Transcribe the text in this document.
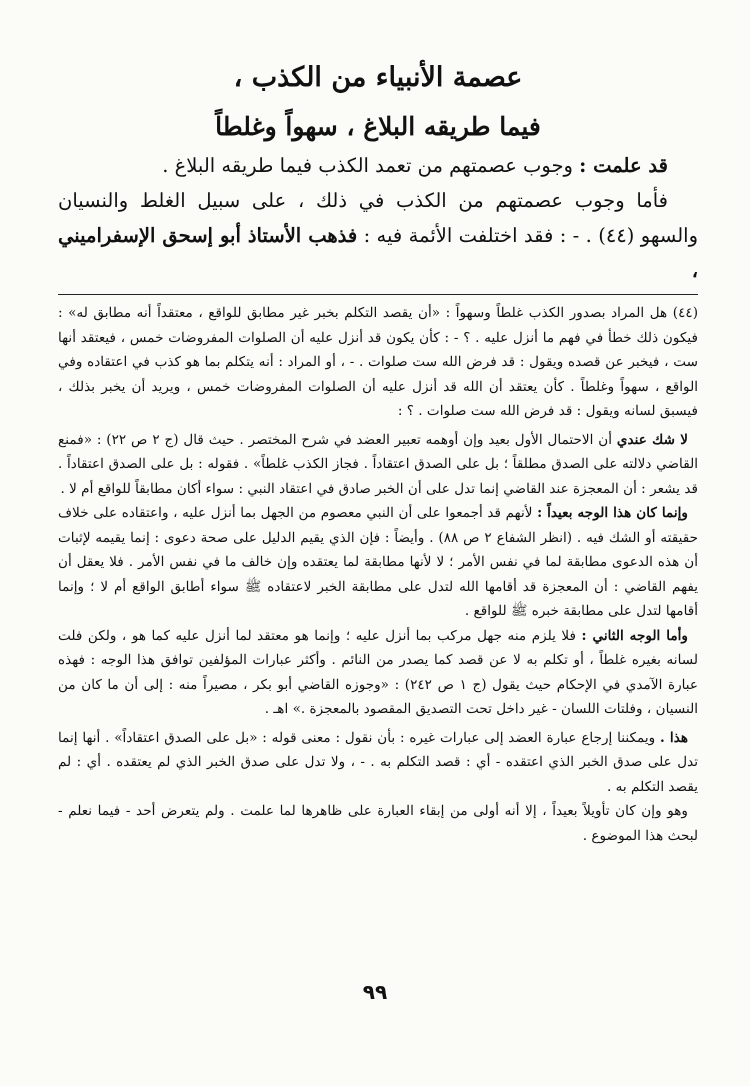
عصمة الأنبياء من الكذب ،
فيما طريقه البلاغ ، سهواً وغلطاً

قد علمت : وجوب عصمتهم من تعمد الكذب فيما طريقه البلاغ .

فأما وجوب عصمتهم من الكذب في ذلك ، على سبيل الغلط والنسيان والسهو (٤٤) . - : فقد اختلفت الأئمة فيه : فذهب الأستاذ أبو إسحق الإسفراميني ،

(٤٤) هل المراد بصدور الكذب غلطاً وسهواً : «أن يقصد التكلم بخبر غير مطابق للواقع ، معتقداً أنه مطابق له» : فيكون ذلك خطأ في فهم ما أنزل عليه . ؟ - : كأن يكون قد أنزل عليه أن الصلوات المفروضات خمس ، فيعتقد أنها ست ، فيخبر عن قصده ويقول : قد فرض الله ست صلوات . - ، أو المراد : أنه يتكلم بما هو كذب في اعتقاده وفي الواقع ، سهواً وغلطاً . كأن يعتقد أن الله قد أنزل عليه أن الصلوات المفروضات خمس ، ويريد أن يخبر بذلك ، فيسبق لسانه ويقول : قد فرض الله ست صلوات . ؟ :

لا شك عندي أن الاحتمال الأول بعيد وإن أوهمه تعبير العضد في شرح المختصر . حيث قال (ج ٢ ص ٢٢) : «فمنع القاضي دلالته على الصدق مطلقاً ؛ بل على الصدق اعتقاداً . فجاز الكذب غلطاً» . فقوله : بل على الصدق اعتقاداً . قد يشعر : أن المعجزة عند القاضي إنما تدل على أن الخبر صادق في اعتقاد النبي : سواء أكان مطابقاً للواقع أم لا .

وإنما كان هذا الوجه بعيداً : لأنهم قد أجمعوا على أن النبي معصوم من الجهل بما أنزل عليه ، واعتقاده على خلاف حقيقته أو الشك فيه . (انظر الشفاع ٢ ص ٨٨) . وأيضاً : فإن الذي يقيم الدليل على صحة دعوى : إنما يقيمه لإثبات أن هذه الدعوى مطابقة لما في نفس الأمر ؛ لا لأنها مطابقة لما يعتقده وإن خالف ما في نفس الأمر . فلا يعقل أن يفهم القاضي : أن المعجزة قد أقامها الله لتدل على مطابقة الخبر لاعتقاده ﷺ سواء أطابق الواقع أم لا ؛ وإنما أقامها لتدل على مطابقة خبره ﷺ للواقع .

وأما الوجه الثاني : فلا يلزم منه جهل مركب بما أنزل عليه ؛ وإنما هو معتقد لما أنزل عليه كما هو ، ولكن فلت لسانه بغيره غلطاً ، أو تكلم به لا عن قصد كما يصدر من النائم . وأكثر عبارات المؤلفين توافق هذا الوجه : فهذه عبارة الآمدي في الإحكام حيث يقول (ج ١ ص ٢٤٢) : «وجوزه القاضي أبو بكر ، مصيراً منه : إلى أن ما كان من النسيان ، وفلتات اللسان - غير داخل تحت التصديق المقصود بالمعجزة .» اهـ .

هذا . ويمكننا إرجاع عبارة العضد إلى عبارات غيره : بأن نقول : معنى قوله : «بل على الصدق اعتقاداً» . أنها إنما تدل على صدق الخبر الذي اعتقده - أي : قصد التكلم به . - ، ولا تدل على صدق الخبر الذي لم يعتقده . أي : لم يقصد التكلم به .

وهو وإن كان تأويلاً بعيداً ، إلا أنه أولى من إبقاء العبارة على ظاهرها لما علمت . ولم يتعرض أحد - فيما نعلم - لبحث هذا الموضوع .

٩٩
